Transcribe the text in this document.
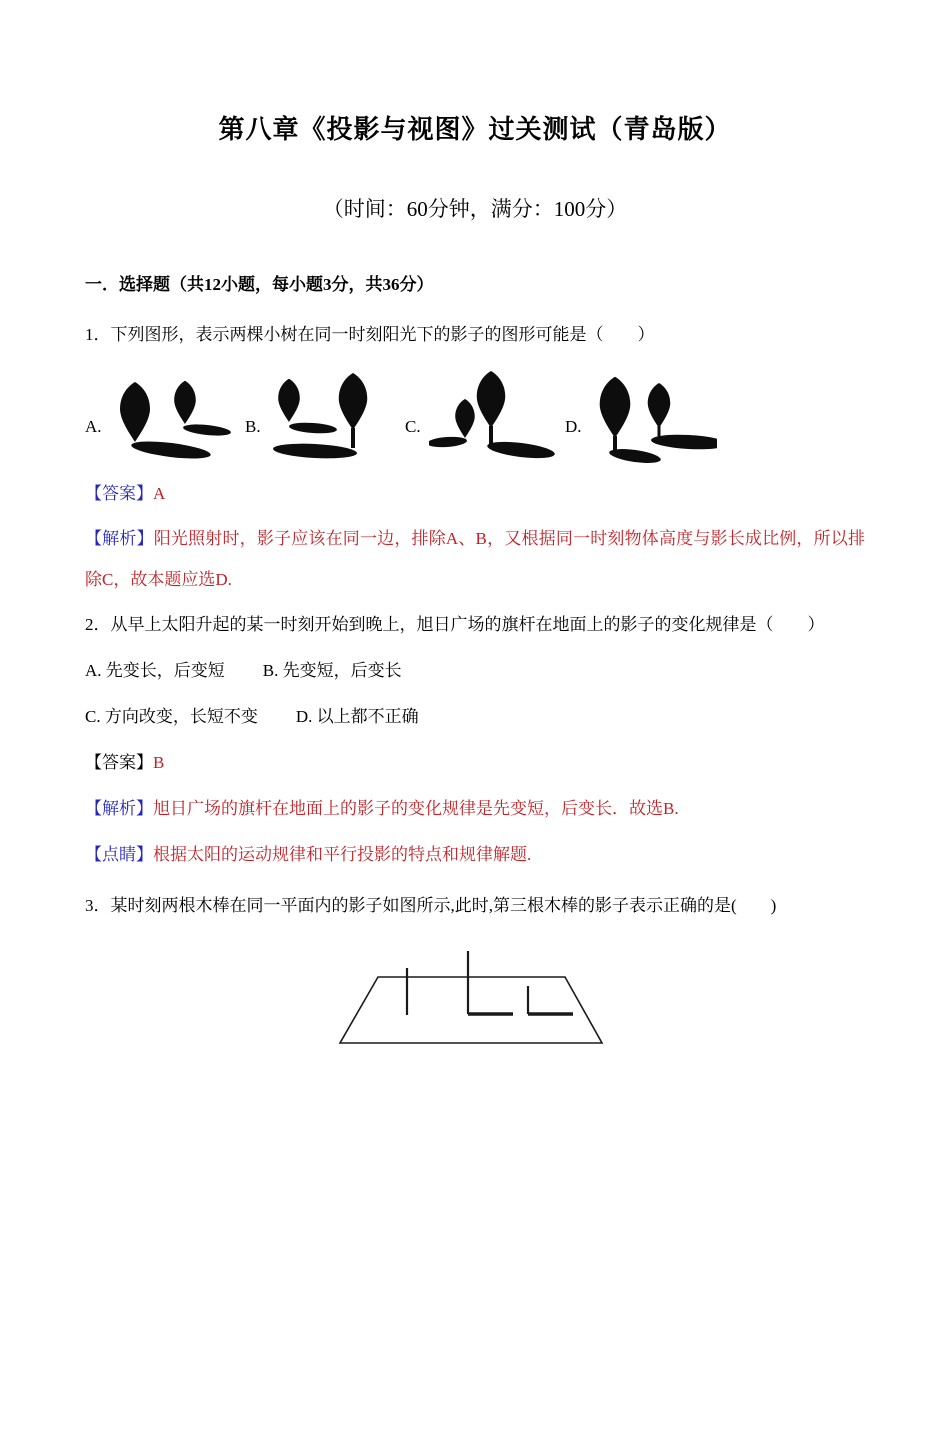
第八章《投影与视图》过关测试（青岛版）
（时间：60分钟，满分：100分）

一．选择题（共12小题，每小题3分，共36分）

1．下列图形，表示两棵小树在同一时刻阳光下的影子的图形可能是（　　）

A.	B.	C.	D.

【答案】A

【解析】阳光照射时，影子应该在同一边，排除A、B，又根据同一时刻物体高度与影长成比例，所以排除C，故本题应选D.

2．从早上太阳升起的某一时刻开始到晚上，旭日广场的旗杆在地面上的影子的变化规律是（　　）

A. 先变长，后变短 B. 先变短，后变长

C. 方向改变，长短不变 D. 以上都不正确

【答案】B

【解析】旭日广场的旗杆在地面上的影子的变化规律是先变短，后变长．故选B.

【点睛】根据太阳的运动规律和平行投影的特点和规律解题.

3．某时刻两根木棒在同一平面内的影子如图所示,此时,第三根木棒的影子表示正确的是(　　)
